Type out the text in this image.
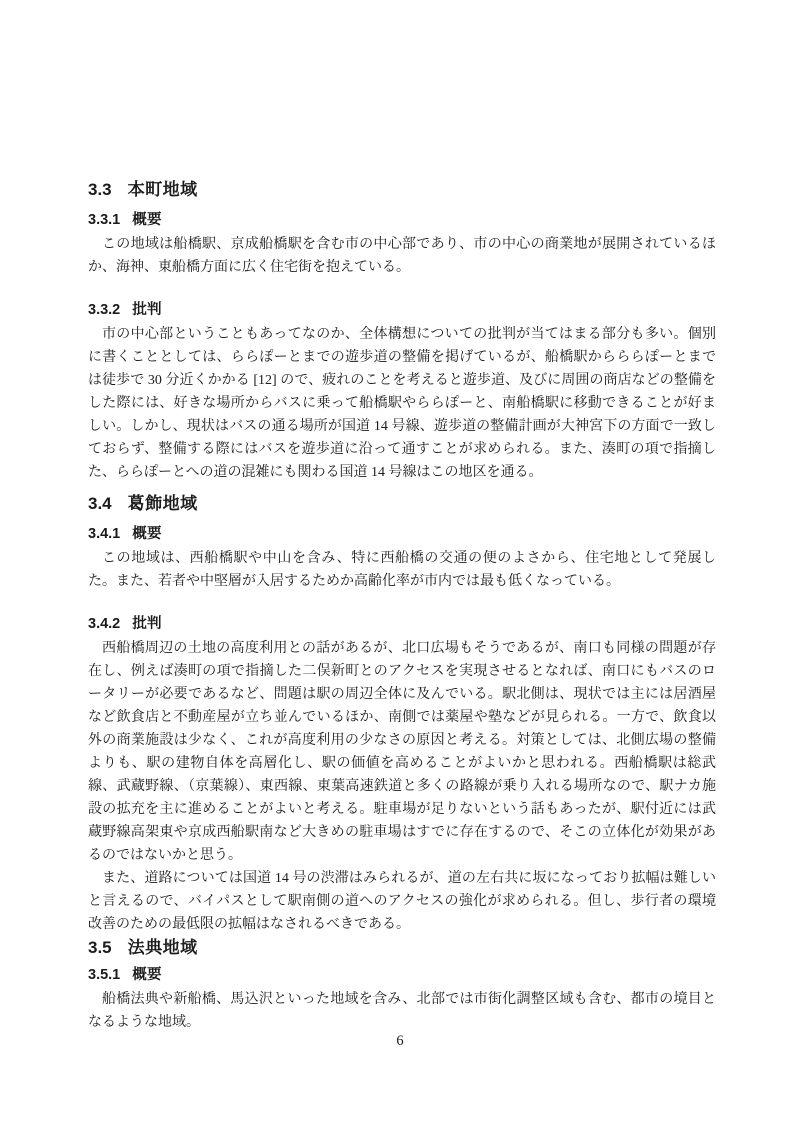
3.3 本町地域
3.3.1 概要

この地域は船橋駅、京成船橋駅を含む市の中心部であり、市の中心の商業地が展開されているほか、海神、東船橋方面に広く住宅街を抱えている。

3.3.2 批判

市の中心部ということもあってなのか、全体構想についての批判が当てはまる部分も多い。個別に書くこととしては、ららぽーとまでの遊歩道の整備を掲げているが、船橋駅からららぽーとまでは徒歩で 30 分近くかかる [12] ので、疲れのことを考えると遊歩道、及びに周囲の商店などの整備をした際には、好きな場所からバスに乗って船橋駅やららぽーと、南船橋駅に移動できることが好ましい。しかし、現状はバスの通る場所が国道 14 号線、遊歩道の整備計画が大神宮下の方面で一致しておらず、整備する際にはバスを遊歩道に沿って通すことが求められる。また、湊町の項で指摘した、ららぽーとへの道の混雑にも関わる国道 14 号線はこの地区を通る。

3.4 葛飾地域
3.4.1 概要

この地域は、西船橋駅や中山を含み、特に西船橋の交通の便のよさから、住宅地として発展した。また、若者や中堅層が入居するためか高齢化率が市内では最も低くなっている。

3.4.2 批判

西船橋周辺の土地の高度利用との話があるが、北口広場もそうであるが、南口も同様の問題が存在し、例えば湊町の項で指摘した二俣新町とのアクセスを実現させるとなれば、南口にもバスのロータリーが必要であるなど、問題は駅の周辺全体に及んでいる。駅北側は、現状では主には居酒屋など飲食店と不動産屋が立ち並んでいるほか、南側では薬屋や塾などが見られる。一方で、飲食以外の商業施設は少なく、これが高度利用の少なさの原因と考える。対策としては、北側広場の整備よりも、駅の建物自体を高層化し、駅の価値を高めることがよいかと思われる。西船橋駅は総武線、武蔵野線、（京葉線）、東西線、東葉高速鉄道と多くの路線が乗り入れる場所なので、駅ナカ施設の拡充を主に進めることがよいと考える。駐車場が足りないという話もあったが、駅付近には武蔵野線高架東や京成西船駅南など大きめの駐車場はすでに存在するので、そこの立体化が効果があるのではないかと思う。

また、道路については国道 14 号の渋滞はみられるが、道の左右共に坂になっており拡幅は難しいと言えるので、バイパスとして駅南側の道へのアクセスの強化が求められる。但し、歩行者の環境改善のための最低限の拡幅はなされるべきである。

3.5 法典地域
3.5.1 概要

船橋法典や新船橋、馬込沢といった地域を含み、北部では市街化調整区域も含む、都市の境目となるような地域。

6
